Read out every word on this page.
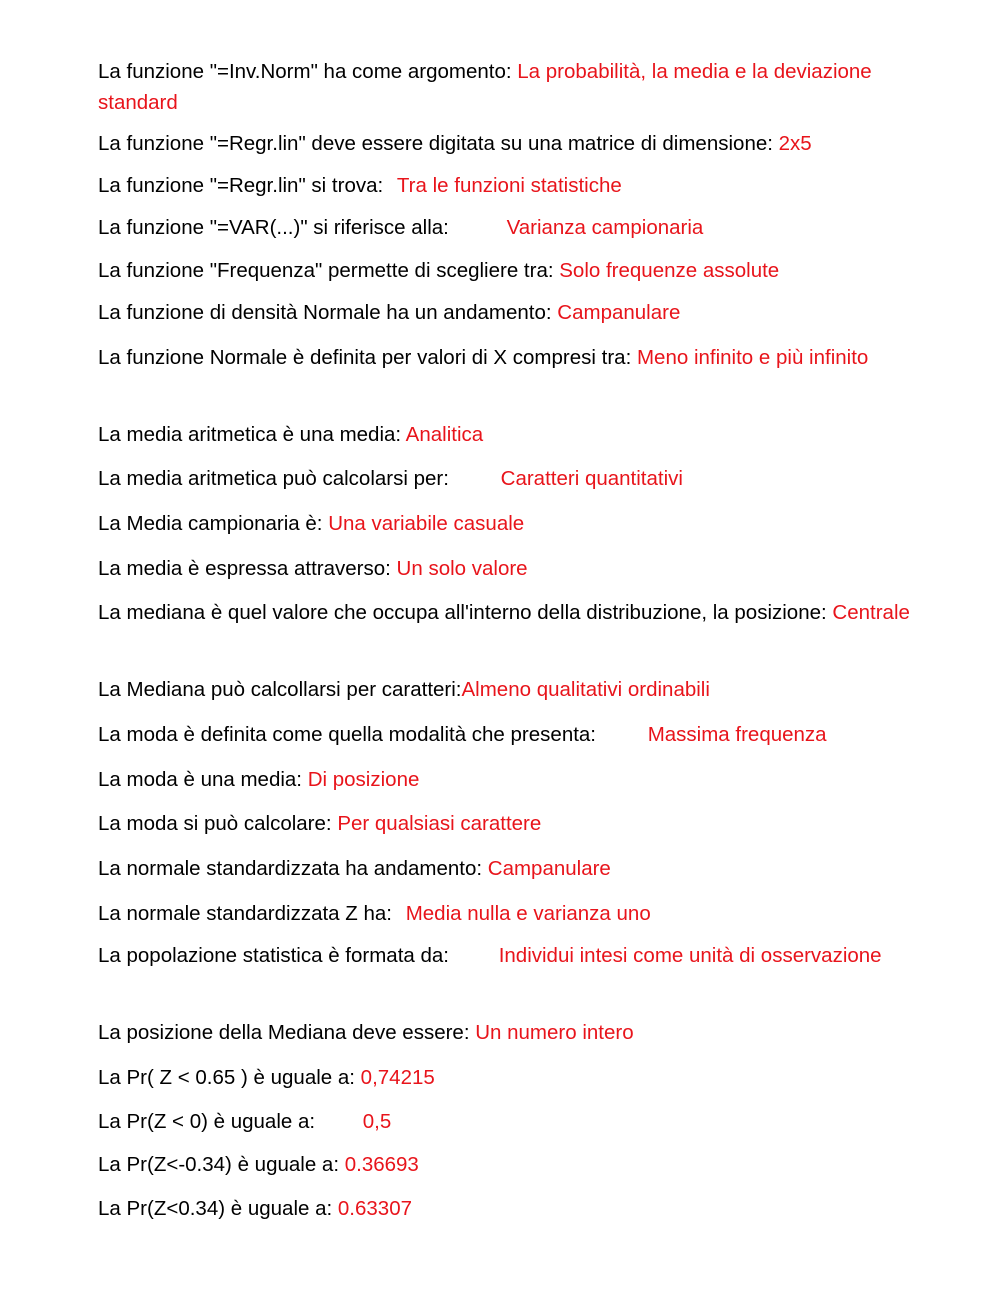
La funzione "=Inv.Norm" ha come argomento: La probabilità, la media e la deviazione standard
La funzione "=Regr.lin" deve essere digitata su una matrice di dimensione: 2x5
La funzione "=Regr.lin" si trova: Tra le funzioni statistiche
La funzione "=VAR(...)" si riferisce alla:	Varianza campionaria
La funzione "Frequenza" permette di scegliere tra: Solo frequenze assolute
La funzione di densità Normale ha un andamento: Campanulare
La funzione Normale è definita per valori di X compresi tra: Meno infinito e più infinito
La media aritmetica è una media: Analitica
La media aritmetica può calcolarsi per: Caratteri quantitativi
La Media campionaria è: Una variabile casuale
La media è espressa attraverso: Un solo valore
La mediana è quel valore che occupa all'interno della distribuzione, la posizione: Centrale
La Mediana può calcollarsi per caratteri:Almeno qualitativi ordinabili
La moda è definita come quella modalità che presenta: Massima frequenza
La moda è una media: Di posizione
La moda si può calcolare: Per qualsiasi carattere
La normale standardizzata ha andamento: Campanulare
La normale standardizzata Z ha: Media nulla e varianza uno
La popolazione statistica è formata da: Individui intesi come unità di osservazione
La posizione della Mediana deve essere: Un numero intero
La Pr( Z < 0.65 ) è uguale a: 0,74215
La Pr(Z < 0) è uguale a: 0,5
La Pr(Z<-0.34) è uguale a: 0.36693
La Pr(Z<0.34) è uguale a: 0.63307
